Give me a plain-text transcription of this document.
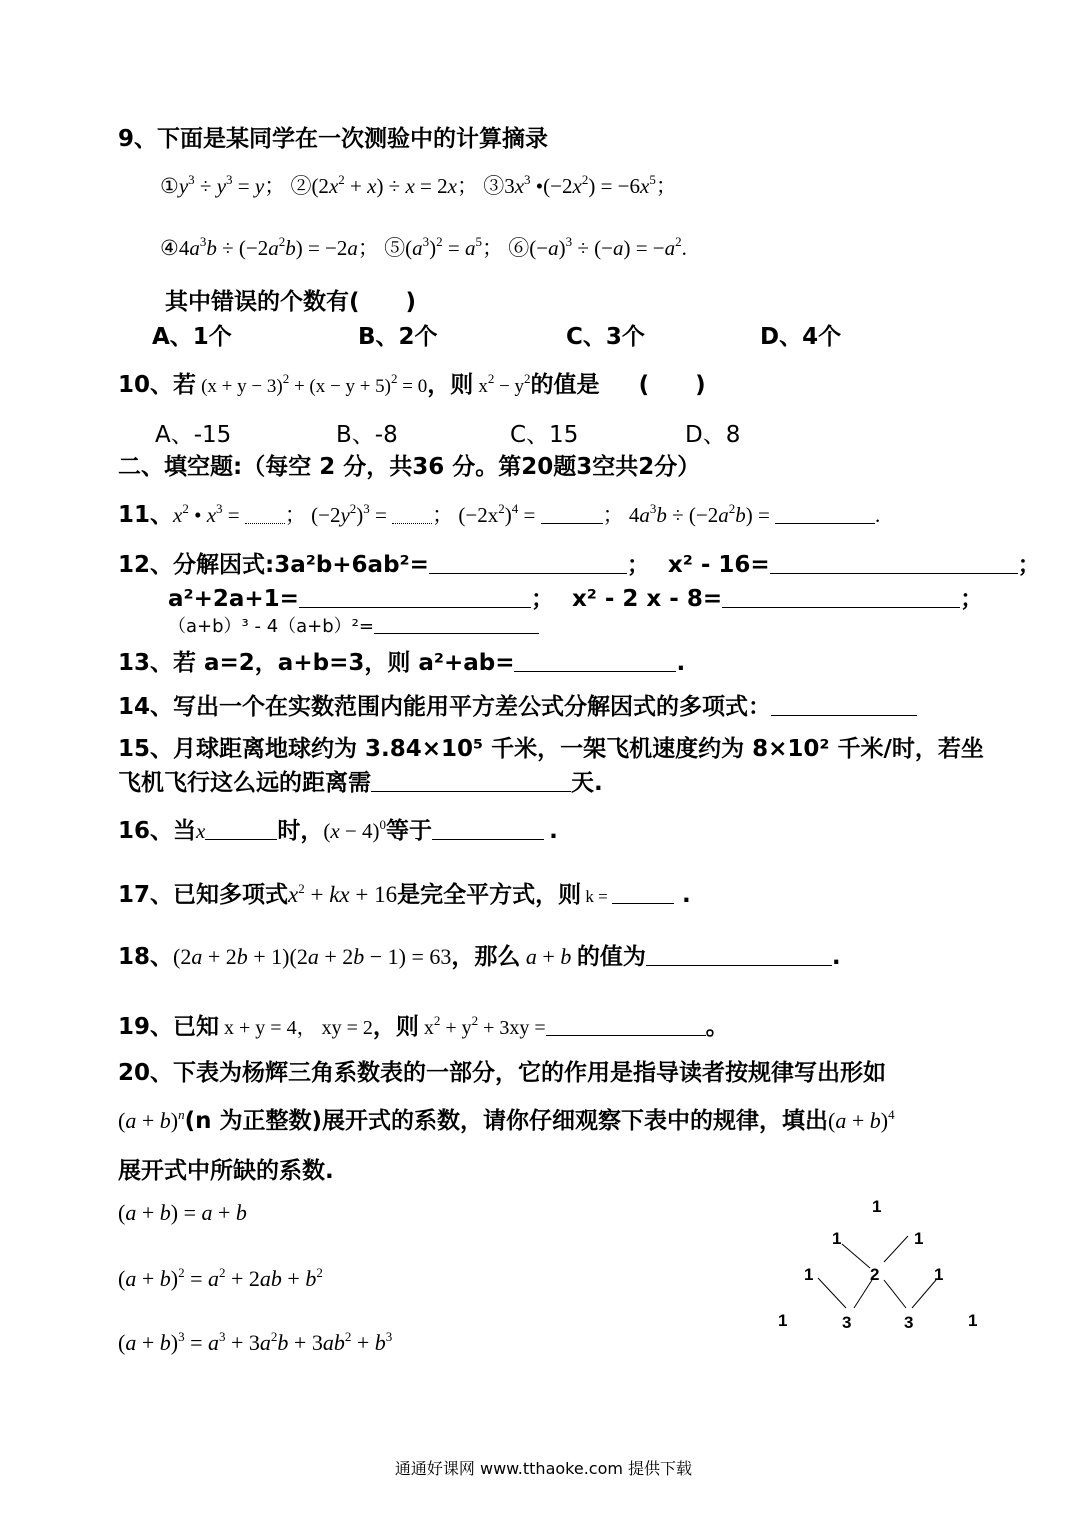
9、下面是某同学在一次测验中的计算摘录
$①y^3 \div y^3 = y$； $②(2x^2 + x) \div x = 2x$； $③3x^3$ $•(-2x^2) = -6x^5$；
$④4a^3b \div (-2a^2b) = -2a$； $⑤(a^3)^2 = a^5$； $⑥(-a)^3 \div (-a) = -a^2$.
其中错误的个数有(　　)
A、1个	B、2个	C、3个	D、4个
10、若 $(x + y - 3)^2 + (x - y + 5)^2 = 0$，则 $x^2 - y^2$的值是 (　　)
A、-15	B、-8	C、15	D、8
二、填空题:（每空 2 分，共36 分。第20题3空共2分）
11、$x^2$ • $x^3$ = ； $(-2y^2)^3$ = ； $(-2x^2)^4$ =	； $4a^3b \div (-2a^2b)$ =	.
12、分解因式:3a²b+6ab²=	； x² - 16=	；
a²+2a+1=	； x² - 2 x - 8=	；
（a+b）³ - 4（a+b）²=
13、若 a=2，a+b=3，则 a²+ab=	.
14、写出一个在实数范围内能用平方差公式分解因式的多项式：
15、月球距离地球约为 3.84×10⁵ 千米，一架飞机速度约为 8×10² 千米/时，若坐
飞机飞行这么远的距离需	天.
16、当x	时，$(x - 4)^0$等于	.
17、已知多项式$x^2$ + kx + 16是完全平方式，则 k =	.
18、(2a + 2b + 1)(2a + 2b − 1) = 63，那么 a + b 的值为	.
19、已知 x + y = 4， xy = 2，则 $x^2 + y^2 + 3xy$ =	。
20、下表为杨辉三角系数表的一部分，它的作用是指导读者按规律写出形如
$(a + b)^n(n$ 为正整数)展开式的系数，请你仔细观察下表中的规律，填出$(a + b)^4$
展开式中所缺的系数.
(a + b) = a + b
$(a + b)^2 = a^2 + 2ab + b^2$
$(a + b)^3 = a^3 + 3a^2b + 3ab^2 + b^3$
1
1	1
1	2	1
1	3	3	1
通通好课网 www.tthaoke.com 提供下载
